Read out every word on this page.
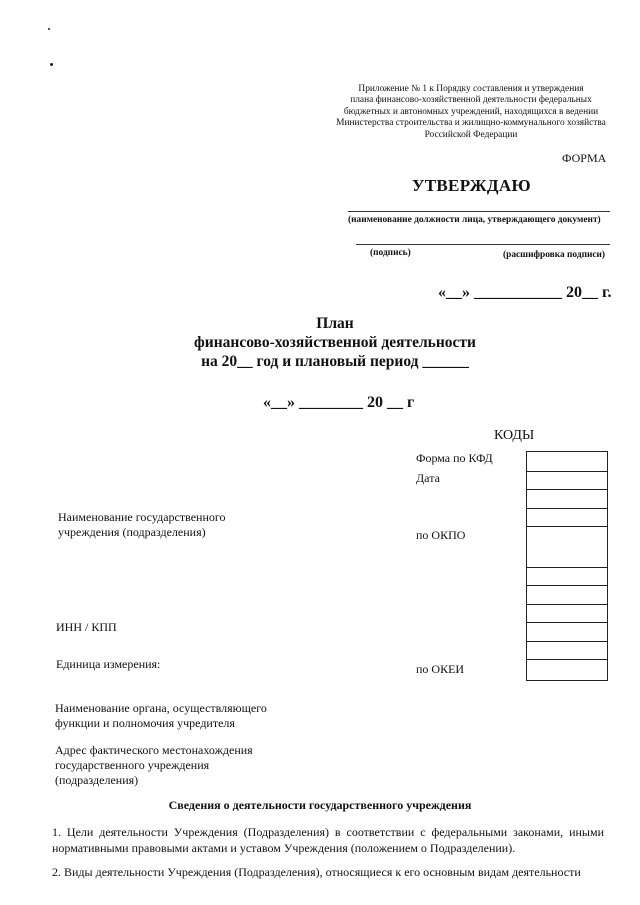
Приложение № 1 к Порядку составления и утверждения
плана финансово-хозяйственной деятельности федеральных
бюджетных и автономных учреждений, находящихся в ведении
Министерства строительства и жилищно-коммунального хозяйства
Российской Федерации
ФОРМА
УТВЕРЖДАЮ
(наименование должности лица, утверждающего документ)
(подпись)	(расшифровка подписи)
«__» ___________ 20__ г.
План
финансово-хозяйственной деятельности
на 20__ год и плановый период ______
«__» ________ 20 __ г
КОДЫ
Форма по КФД
Дата
по ОКПО
по ОКЕИ
Наименование государственного
учреждения (подразделения)
ИНН / КПП
Единица измерения:
Наименование органа, осуществляющего
функции и полномочия учредителя
Адрес фактического местонахождения
государственного учреждения
(подразделения)
Сведения о деятельности государственного учреждения
1. Цели деятельности Учреждения (Подразделения) в соответствии с федеральными законами, иными нормативными правовыми актами и уставом Учреждения (положением о Подразделении).
2. Виды деятельности Учреждения (Подразделения), относящиеся к его основным видам деятельности
